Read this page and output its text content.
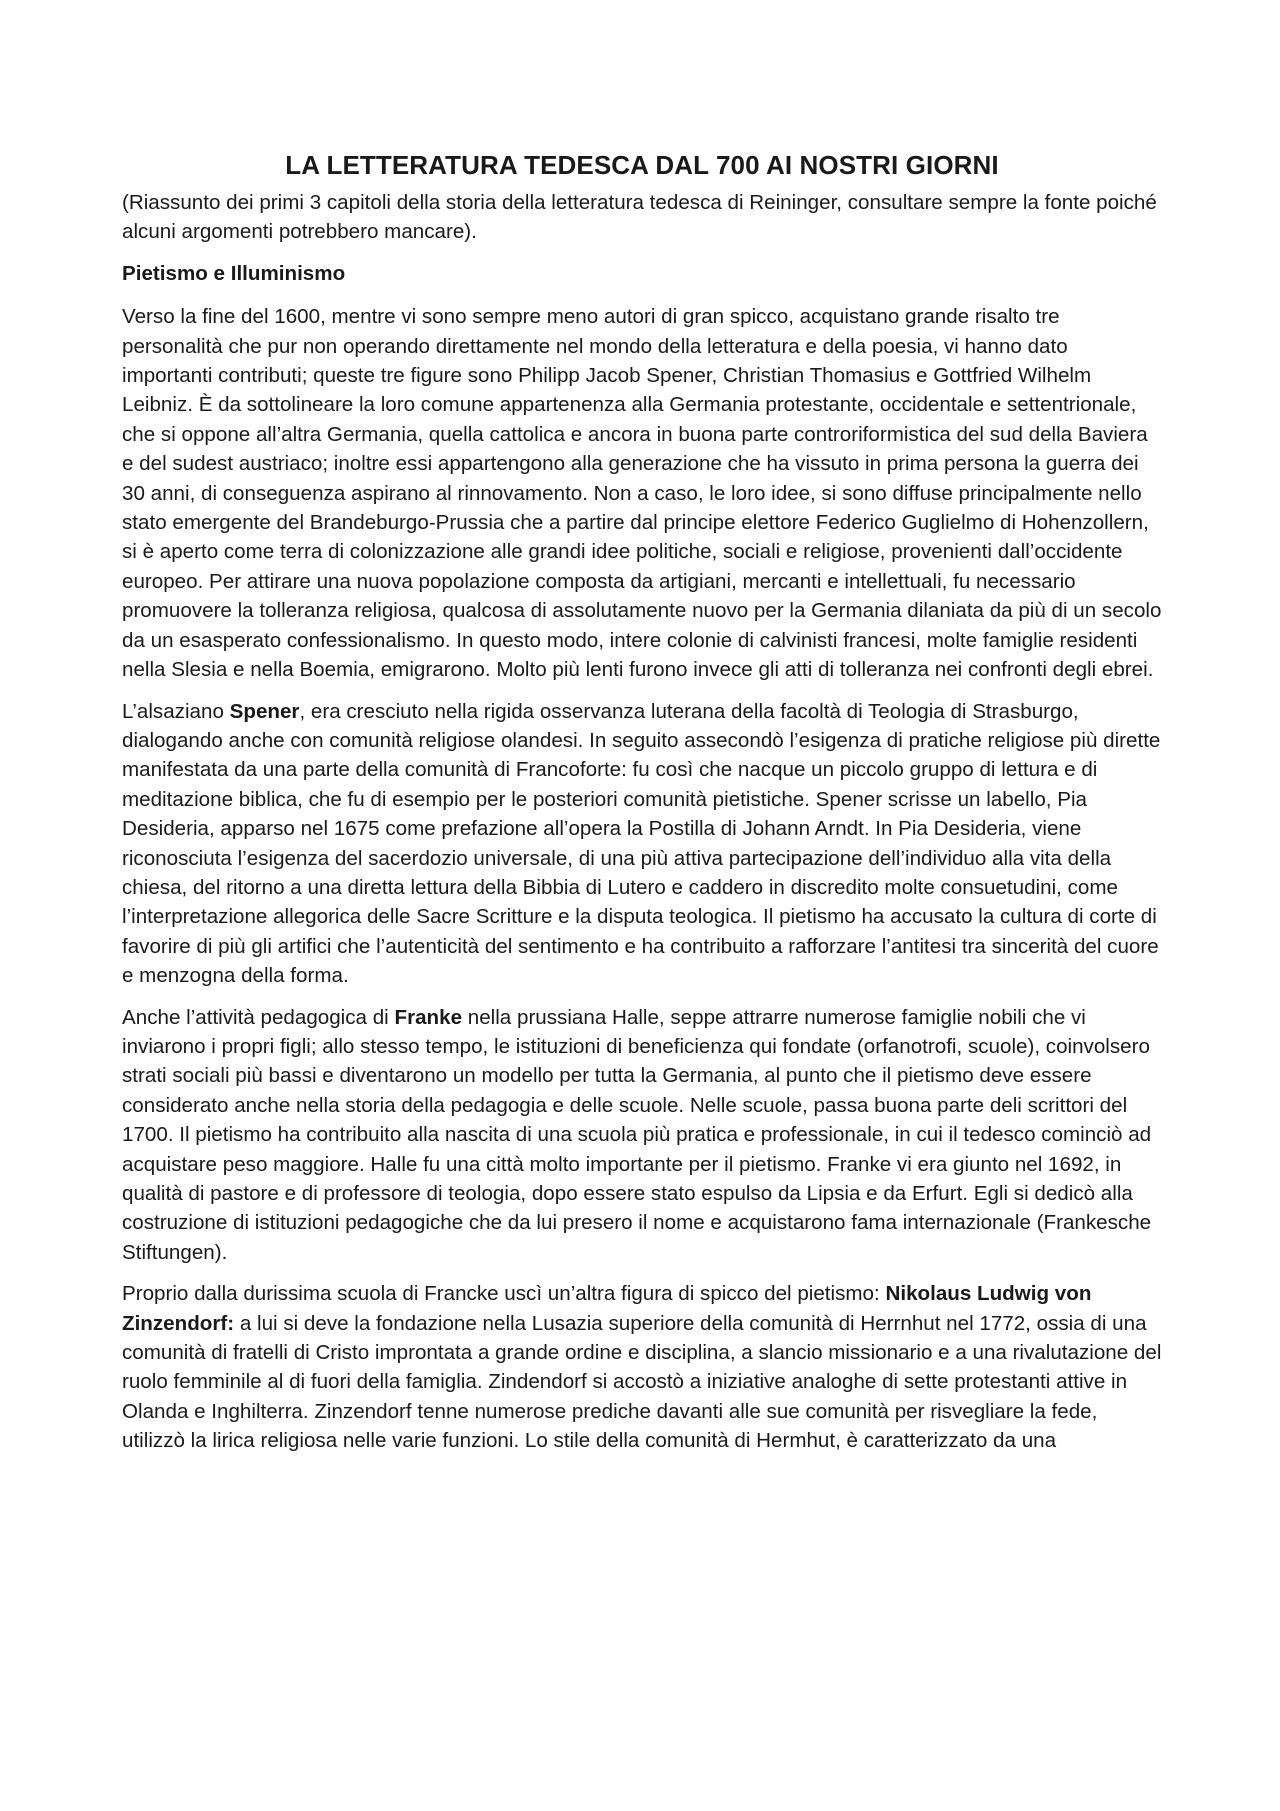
LA LETTERATURA TEDESCA DAL 700 AI NOSTRI GIORNI
(Riassunto dei primi 3 capitoli della storia della letteratura tedesca di Reininger, consultare sempre la fonte poiché alcuni argomenti potrebbero mancare).
Pietismo e Illuminismo

Verso la fine del 1600, mentre vi sono sempre meno autori di gran spicco, acquistano grande risalto tre personalità che pur non operando direttamente nel mondo della letteratura e della poesia, vi hanno dato importanti contributi; queste tre figure sono Philipp Jacob Spener, Christian Thomasius e Gottfried Wilhelm Leibniz. È da sottolineare la loro comune appartenenza alla Germania protestante, occidentale e settentrionale, che si oppone all’altra Germania, quella cattolica e ancora in buona parte controriformistica del sud della Baviera e del sudest austriaco; inoltre essi appartengono alla generazione che ha vissuto in prima persona la guerra dei 30 anni, di conseguenza aspirano al rinnovamento. Non a caso, le loro idee, si sono diffuse principalmente nello stato emergente del Brandeburgo-Prussia che a partire dal principe elettore Federico Guglielmo di Hohenzollern, si è aperto come terra di colonizzazione alle grandi idee politiche, sociali e religiose, provenienti dall’occidente europeo. Per attirare una nuova popolazione composta da artigiani, mercanti e intellettuali, fu necessario promuovere la tolleranza religiosa, qualcosa di assolutamente nuovo per la Germania dilaniata da più di un secolo da un esasperato confessionalismo. In questo modo, intere colonie di calvinisti francesi, molte famiglie residenti nella Slesia e nella Boemia, emigrarono. Molto più lenti furono invece gli atti di tolleranza nei confronti degli ebrei.

L’alsaziano Spener, era cresciuto nella rigida osservanza luterana della facoltà di Teologia di Strasburgo, dialogando anche con comunità religiose olandesi. In seguito assecondò l’esigenza di pratiche religiose più dirette manifestata da una parte della comunità di Francoforte: fu così che nacque un piccolo gruppo di lettura e di meditazione biblica, che fu di esempio per le posteriori comunità pietistiche. Spener scrisse un labello, Pia Desideria, apparso nel 1675 come prefazione all’opera la Postilla di Johann Arndt. In Pia Desideria, viene riconosciuta l’esigenza del sacerdozio universale, di una più attiva partecipazione dell’individuo alla vita della chiesa, del ritorno a una diretta lettura della Bibbia di Lutero e caddero in discredito molte consuetudini, come l’interpretazione allegorica delle Sacre Scritture e la disputa teologica. Il pietismo ha accusato la cultura di corte di favorire di più gli artifici che l’autenticità del sentimento e ha contribuito a rafforzare l’antitesi tra sincerità del cuore e menzogna della forma.

Anche l’attività pedagogica di Franke nella prussiana Halle, seppe attrarre numerose famiglie nobili che vi inviarono i propri figli; allo stesso tempo, le istituzioni di beneficienza qui fondate (orfanotrofi, scuole), coinvolsero strati sociali più bassi e diventarono un modello per tutta la Germania, al punto che il pietismo deve essere considerato anche nella storia della pedagogia e delle scuole. Nelle scuole, passa buona parte deli scrittori del 1700. Il pietismo ha contribuito alla nascita di una scuola più pratica e professionale, in cui il tedesco cominciò ad acquistare peso maggiore. Halle fu una città molto importante per il pietismo. Franke vi era giunto nel 1692, in qualità di pastore e di professore di teologia, dopo essere stato espulso da Lipsia e da Erfurt. Egli si dedicò alla costruzione di istituzioni pedagogiche che da lui presero il nome e acquistarono fama internazionale (Frankesche Stiftungen).

Proprio dalla durissima scuola di Francke uscì un’altra figura di spicco del pietismo: Nikolaus Ludwig von Zinzendorf: a lui si deve la fondazione nella Lusazia superiore della comunità di Herrnhut nel 1772, ossia di una comunità di fratelli di Cristo improntata a grande ordine e disciplina, a slancio missionario e a una rivalutazione del ruolo femminile al di fuori della famiglia. Zindendorf si accostò a iniziative analoghe di sette protestanti attive in Olanda e Inghilterra. Zinzendorf tenne numerose prediche davanti alle sue comunità per risvegliare la fede, utilizzò la lirica religiosa nelle varie funzioni. Lo stile della comunità di Hermhut, è caratterizzato da una
